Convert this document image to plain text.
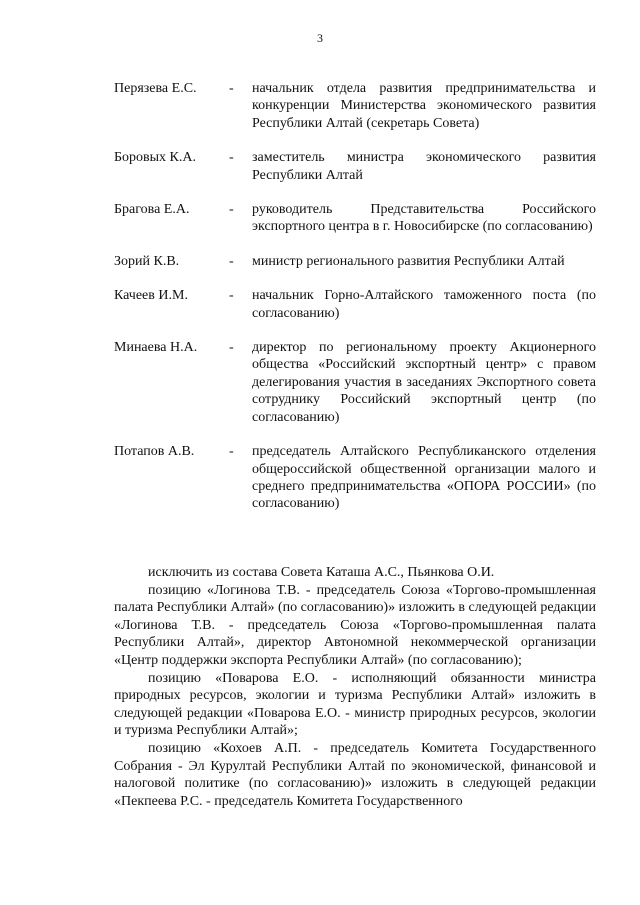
3
Перязева Е.С. - начальник отдела развития предпринимательства и конкуренции Министерства экономического развития Республики Алтай (секретарь Совета)
Боровых К.А. - заместитель министра экономического развития Республики Алтай
Брагова Е.А.	- руководитель Представительства Российского экспортного центра в г. Новосибирске (по согласованию)
Зорий К.В.	- министр регионального развития Республики Алтай
Качеев И.М.	- начальник Горно-Алтайского таможенного поста (по согласованию)
Минаева Н.А. - директор по региональному проекту Акционерного общества «Российский экспортный центр» с правом делегирования участия в заседаниях Экспортного совета сотруднику Российский экспортный центр (по согласованию)
Потапов А.В. - председатель Алтайского Республиканского отделения общероссийской общественной организации малого и среднего предпринимательства «ОПОРА РОССИИ» (по согласованию)

исключить из состава Совета Каташа А.С., Пьянкова О.И.

позицию «Логинова Т.В. - председатель Союза «Торгово-промышленная палата Республики Алтай» (по согласованию)» изложить в следующей редакции «Логинова Т.В. - председатель Союза «Торгово-промышленная палата Республики Алтай», директор Автономной некоммерческой организации «Центр поддержки экспорта Республики Алтай» (по согласованию);

позицию «Поварова Е.О. - исполняющий обязанности министра природных ресурсов, экологии и туризма Республики Алтай» изложить в следующей редакции «Поварова Е.О. - министр природных ресурсов, экологии и туризма Республики Алтай»;

позицию «Кохоев А.П. - председатель Комитета Государственного Собрания - Эл Курултай Республики Алтай по экономической, финансовой и налоговой политике (по согласованию)» изложить в следующей редакции «Пекпеева Р.С. - председатель Комитета Государственного
